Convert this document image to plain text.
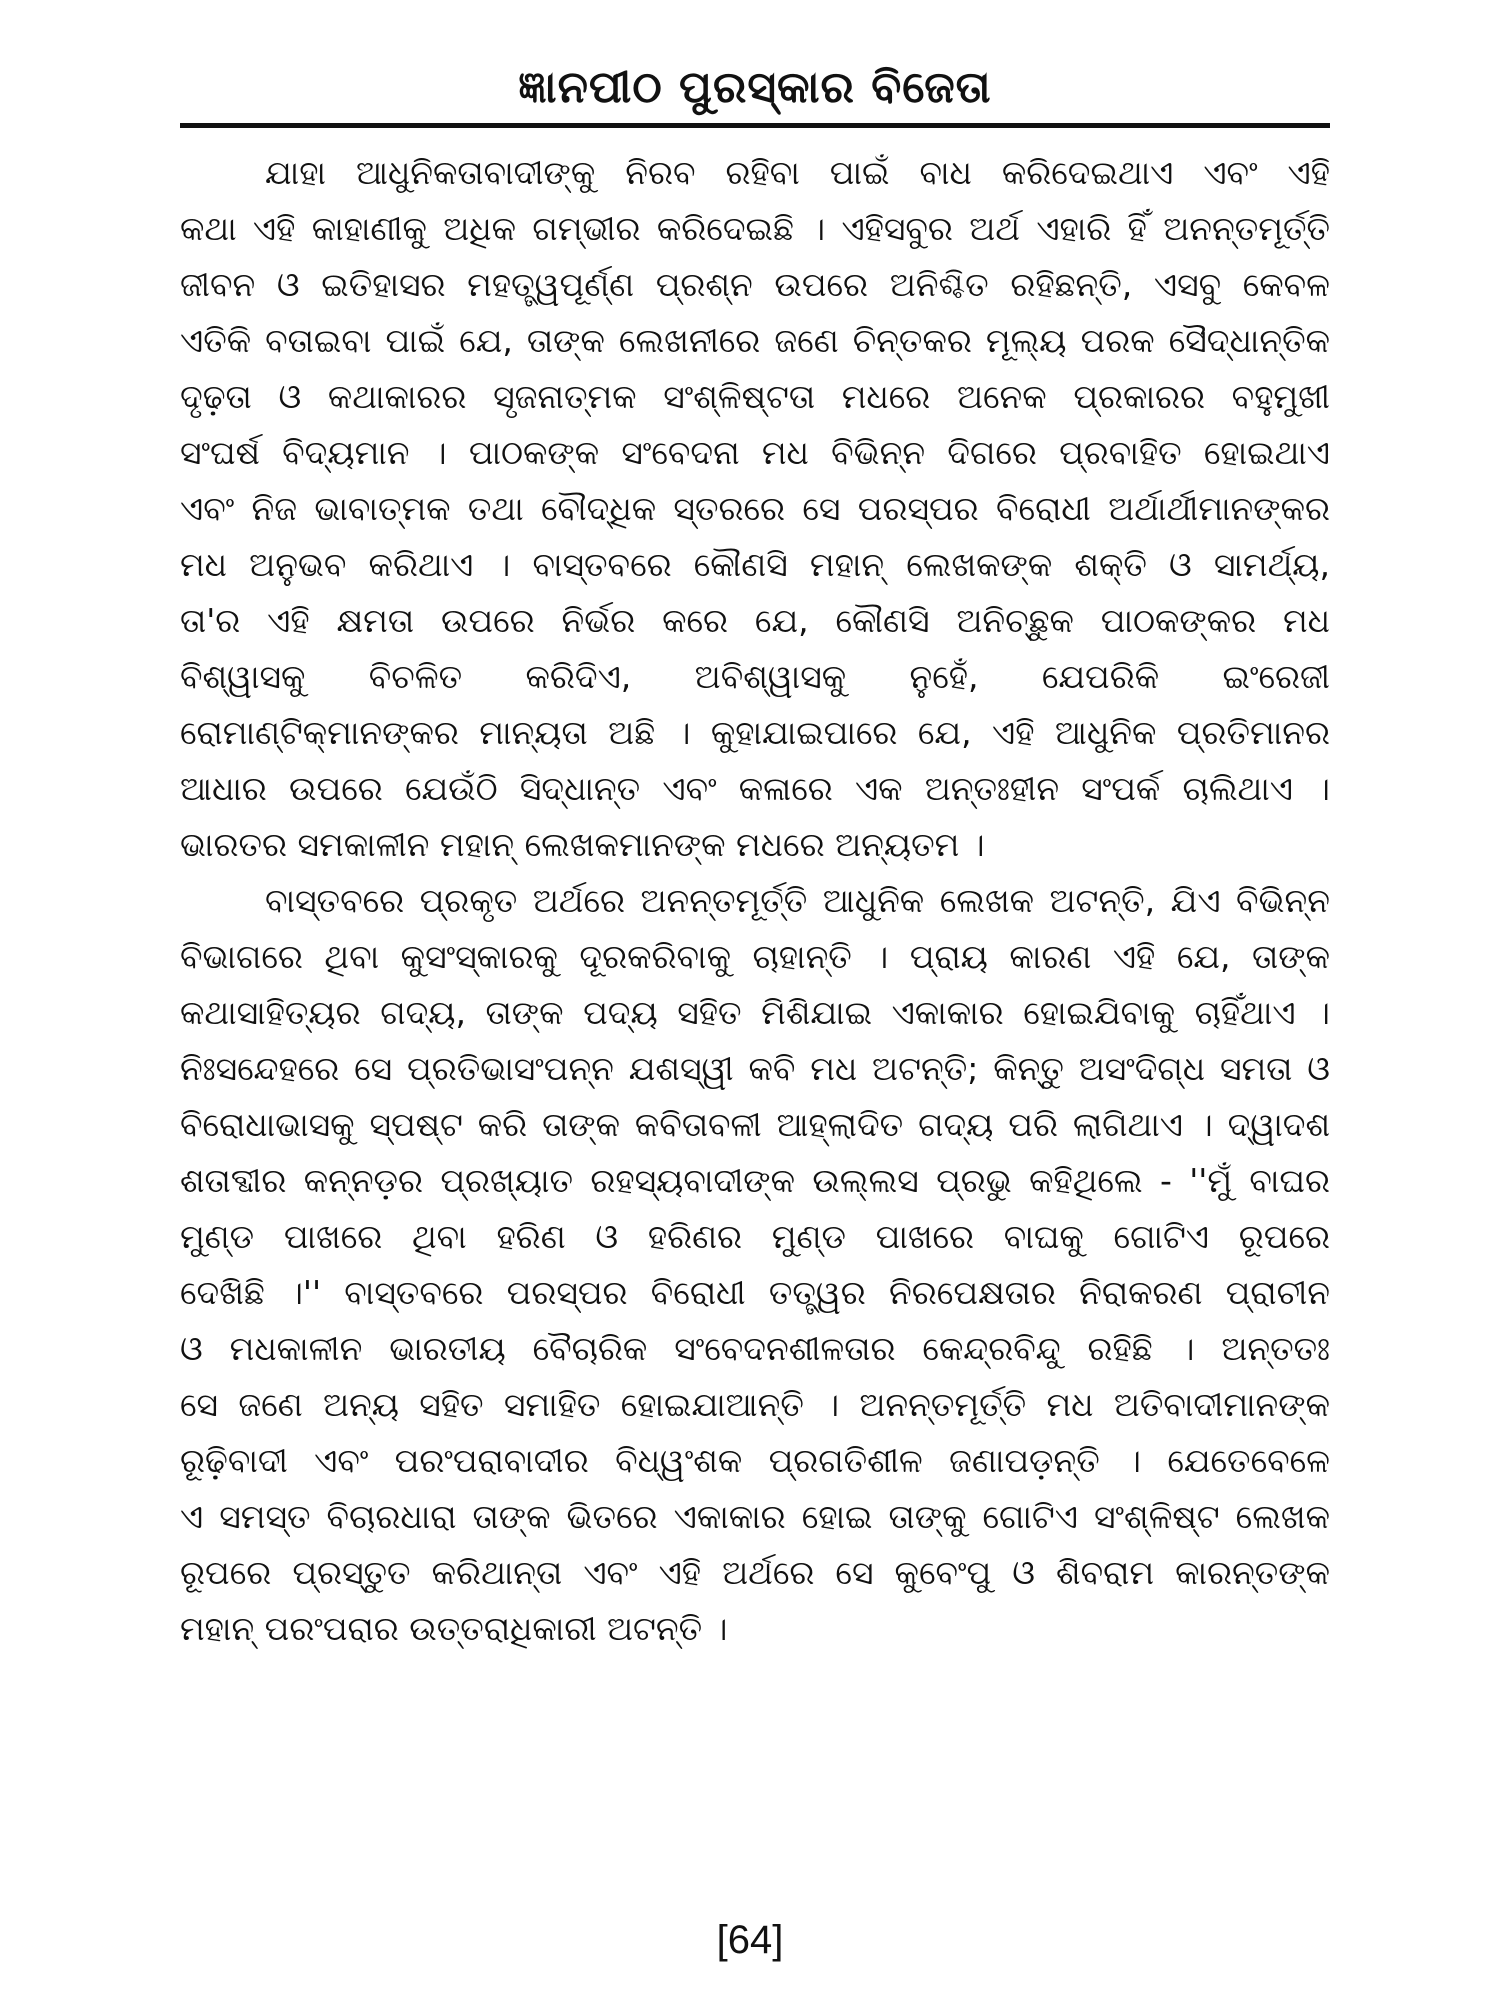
ଜ୍ଞାନପୀଠ ପୁରସ୍କାର ବିଜେତା
ଯାହା ଆଧୁନିକତାବାଦୀଙ୍କୁ ନିରବ ରହିବା ପାଇଁ ବାଧ କରିଦେଇଥାଏ ଏବଂ ଏହି
କଥା ଏହି କାହାଣୀକୁ ଅଧିକ ଗମ୍ଭୀର କରିଦେଇଛି । ଏହିସବୁର ଅର୍ଥ ଏହାରି ହିଁ ଅନନ୍ତମୂର୍ତ୍ତି
ଜୀବନ ଓ ଇତିହାସର ମହତ୍ତ୍ୱପୂର୍ଣ୍ଣ ପ୍ରଶ୍ନ ଉପରେ ଅନିଶ୍ଚିତ ରହିଛନ୍ତି, ଏସବୁ କେବଳ
ଏତିକି ବତାଇବା ପାଇଁ ଯେ, ତାଙ୍କ ଲେଖନୀରେ ଜଣେ ଚିନ୍ତକର ମୂଲ୍ୟ ପରକ ସୈଦ୍ଧାନ୍ତିକ
ଦୃଢ଼ତା ଓ କଥାକାରର ସୃଜନାତ୍ମକ ସଂଶ୍ଳିଷ୍ଟତା ମଧରେ ଅନେକ ପ୍ରକାରର ବହୁମୁଖୀ
ସଂଘର୍ଷ ବିଦ୍ୟମାନ । ପାଠକଙ୍କ ସଂବେଦନା ମଧ ବିଭିନ୍ନ ଦିଗରେ ପ୍ରବାହିତ ହୋଇଥାଏ
ଏବଂ ନିଜ ଭାବାତ୍ମକ ତଥା ବୌଦ୍ଧିକ ସ୍ତରରେ ସେ ପରସ୍ପର ବିରୋଧୀ ଅର୍ଥାର୍ଥୀମାନଙ୍କର
ମଧ ଅନୁଭବ କରିଥାଏ । ବାସ୍ତବରେ କୌଣସି ମହାନ୍ ଲେଖକଙ୍କ ଶକ୍ତି ଓ ସାମର୍ଥ୍ୟ,
ତା'ର ଏହି କ୍ଷମତା ଉପରେ ନିର୍ଭର କରେ ଯେ, କୌଣସି ଅନିଚ୍ଛୁକ ପାଠକଙ୍କର ମଧ
ବିଶ୍ୱାସକୁ ବିଚଳିତ କରିଦିଏ, ଅବିଶ୍ୱାସକୁ ନୁହେଁ, ଯେପରିକି ଇଂରେଜୀ
ରୋମାଣ୍ଟିକ୍ମାନଙ୍କର ମାନ୍ୟତା ଅଛି । କୁହାଯାଇପାରେ ଯେ, ଏହି ଆଧୁନିକ ପ୍ରତିମାନର
ଆଧାର ଉପରେ ଯେଉଁଠି ସିଦ୍ଧାନ୍ତ ଏବଂ କଳାରେ ଏକ ଅନ୍ତଃହୀନ ସଂପର୍କ ଚାଲିଥାଏ ।
ଭାରତର ସମକାଳୀନ ମହାନ୍ ଲେଖକମାନଙ୍କ ମଧରେ ଅନ୍ୟତମ ।
ବାସ୍ତବରେ ପ୍ରକୃତ ଅର୍ଥରେ ଅନନ୍ତମୂର୍ତ୍ତି ଆଧୁନିକ ଲେଖକ ଅଟନ୍ତି, ଯିଏ ବିଭିନ୍ନ
ବିଭାଗରେ ଥିବା କୁସଂସ୍କାରକୁ ଦୂରକରିବାକୁ ଚାହାନ୍ତି । ପ୍ରାୟ କାରଣ ଏହି ଯେ, ତାଙ୍କ
କଥାସାହିତ୍ୟର ଗଦ୍ୟ, ତାଙ୍କ ପଦ୍ୟ ସହିତ ମିଶିଯାଇ ଏକାକାର ହୋଇଯିବାକୁ ଚାହିଁଥାଏ ।
ନିଃସନ୍ଦେହରେ ସେ ପ୍ରତିଭାସଂପନ୍ନ ଯଶସ୍ୱୀ କବି ମଧ ଅଟନ୍ତି; କିନ୍ତୁ ଅସଂଦିଗ୍ଧ ସମତା ଓ
ବିରୋଧାଭାସକୁ ସ୍ପଷ୍ଟ କରି ତାଙ୍କ କବିତାବଳୀ ଆହ୍ଲାଦିତ ଗଦ୍ୟ ପରି ଲାଗିଥାଏ । ଦ୍ୱାଦଶ
ଶତାବ୍ଦୀର କନ୍ନଡ଼ର ପ୍ରଖ୍ୟାତ ରହସ୍ୟବାଦୀଙ୍କ ଉଲ୍ଲସ ପ୍ରଭୁ କହିଥିଲେ - ''ମୁଁ ବାଘର
ମୁଣ୍ଡ ପାଖରେ ଥିବା ହରିଣ ଓ ହରିଣର ମୁଣ୍ଡ ପାଖରେ ବାଘକୁ ଗୋଟିଏ ରୂପରେ
ଦେଖିଛି ।'' ବାସ୍ତବରେ ପରସ୍ପର ବିରୋଧୀ ତତ୍ତ୍ୱର ନିରପେକ୍ଷତାର ନିରାକରଣ ପ୍ରାଚୀନ
ଓ ମଧକାଳୀନ ଭାରତୀୟ ବୈଚାରିକ ସଂବେଦନଶୀଳତାର କେନ୍ଦ୍ରବିନ୍ଦୁ ରହିଛି । ଅନ୍ତତଃ
ସେ ଜଣେ ଅନ୍ୟ ସହିତ ସମାହିତ ହୋଇଯାଆନ୍ତି । ଅନନ୍ତମୂର୍ତ୍ତି ମଧ ଅତିବାଦୀମାନଙ୍କ
ରୂଢ଼ିବାଦୀ ଏବଂ ପରଂପରାବାଦୀର ବିଧ୍ୱଂଶକ ପ୍ରଗତିଶୀଳ ଜଣାପଡ଼ନ୍ତି । ଯେତେବେଳେ
ଏ ସମସ୍ତ ବିଚାରଧାରା ତାଙ୍କ ଭିତରେ ଏକାକାର ହୋଇ ତାଙ୍କୁ ଗୋଟିଏ ସଂଶ୍ଳିଷ୍ଟ ଲେଖକ
ରୂପରେ ପ୍ରସ୍ତୁତ କରିଥାନ୍ତା ଏବଂ ଏହି ଅର୍ଥରେ ସେ କୁବେଂପୁ ଓ ଶିବରାମ କାରନ୍ତଙ୍କ
ମହାନ୍ ପରଂପରାର ଉତ୍ତରାଧିକାରୀ ଅଟନ୍ତି ।
[64]
